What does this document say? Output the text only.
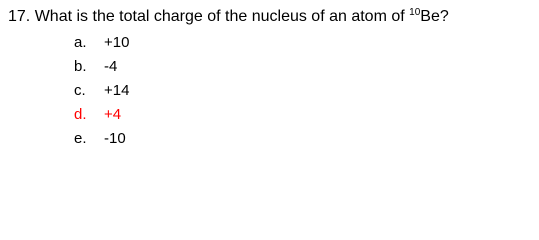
17. What is the total charge of the nucleus of an atom of $^{10}$Be?
a. +10
b. -4
c. +14
d. +4
e. -10
